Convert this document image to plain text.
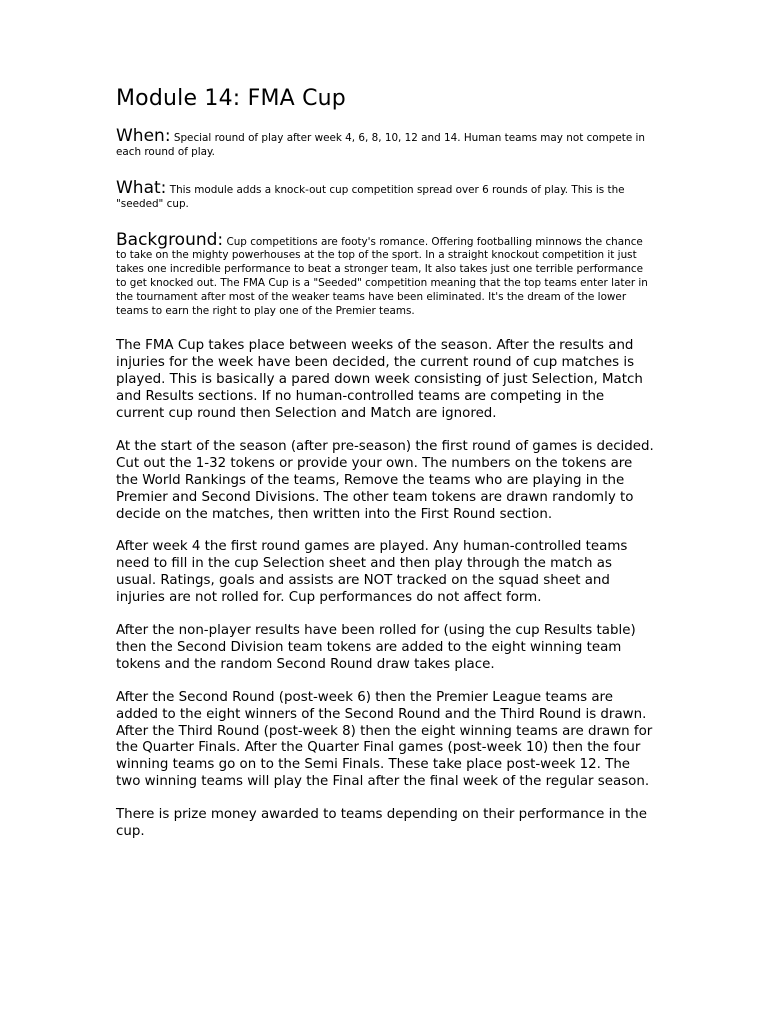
Module 14: FMA Cup
When: Special round of play after week 4, 6, 8, 10, 12 and 14. Human teams may not compete in each round of play.
What: This module adds a knock-out cup competition spread over 6 rounds of play. This is the "seeded" cup.
Background: Cup competitions are footy's romance. Offering footballing minnows the chance to take on the mighty powerhouses at the top of the sport. In a straight knockout competition it just takes one incredible performance to beat a stronger team, It also takes just one terrible performance to get knocked out. The FMA Cup is a "Seeded" competition meaning that the top teams enter later in the tournament after most of the weaker teams have been eliminated. It's the dream of the lower teams to earn the right to play one of the Premier teams.

The FMA Cup takes place between weeks of the season. After the results and injuries for the week have been decided, the current round of cup matches is played. This is basically a pared down week consisting of just Selection, Match and Results sections. If no human-controlled teams are competing in the current cup round then Selection and Match are ignored.

At the start of the season (after pre-season) the first round of games is decided. Cut out the 1-32 tokens or provide your own. The numbers on the tokens are the World Rankings of the teams, Remove the teams who are playing in the Premier and Second Divisions. The other team tokens are drawn randomly to decide on the matches, then written into the First Round section.

After week 4 the first round games are played. Any human-controlled teams need to fill in the cup Selection sheet and then play through the match as usual. Ratings, goals and assists are NOT tracked on the squad sheet and injuries are not rolled for. Cup performances do not affect form.

After the non-player results have been rolled for (using the cup Results table) then the Second Division team tokens are added to the eight winning team tokens and the random Second Round draw takes place.

After the Second Round (post-week 6) then the Premier League teams are added to the eight winners of the Second Round and the Third Round is drawn. After the Third Round (post-week 8) then the eight winning teams are drawn for the Quarter Finals. After the Quarter Final games (post-week 10) then the four winning teams go on to the Semi Finals. These take place post-week 12. The two winning teams will play the Final after the final week of the regular season.

There is prize money awarded to teams depending on their performance in the cup.
